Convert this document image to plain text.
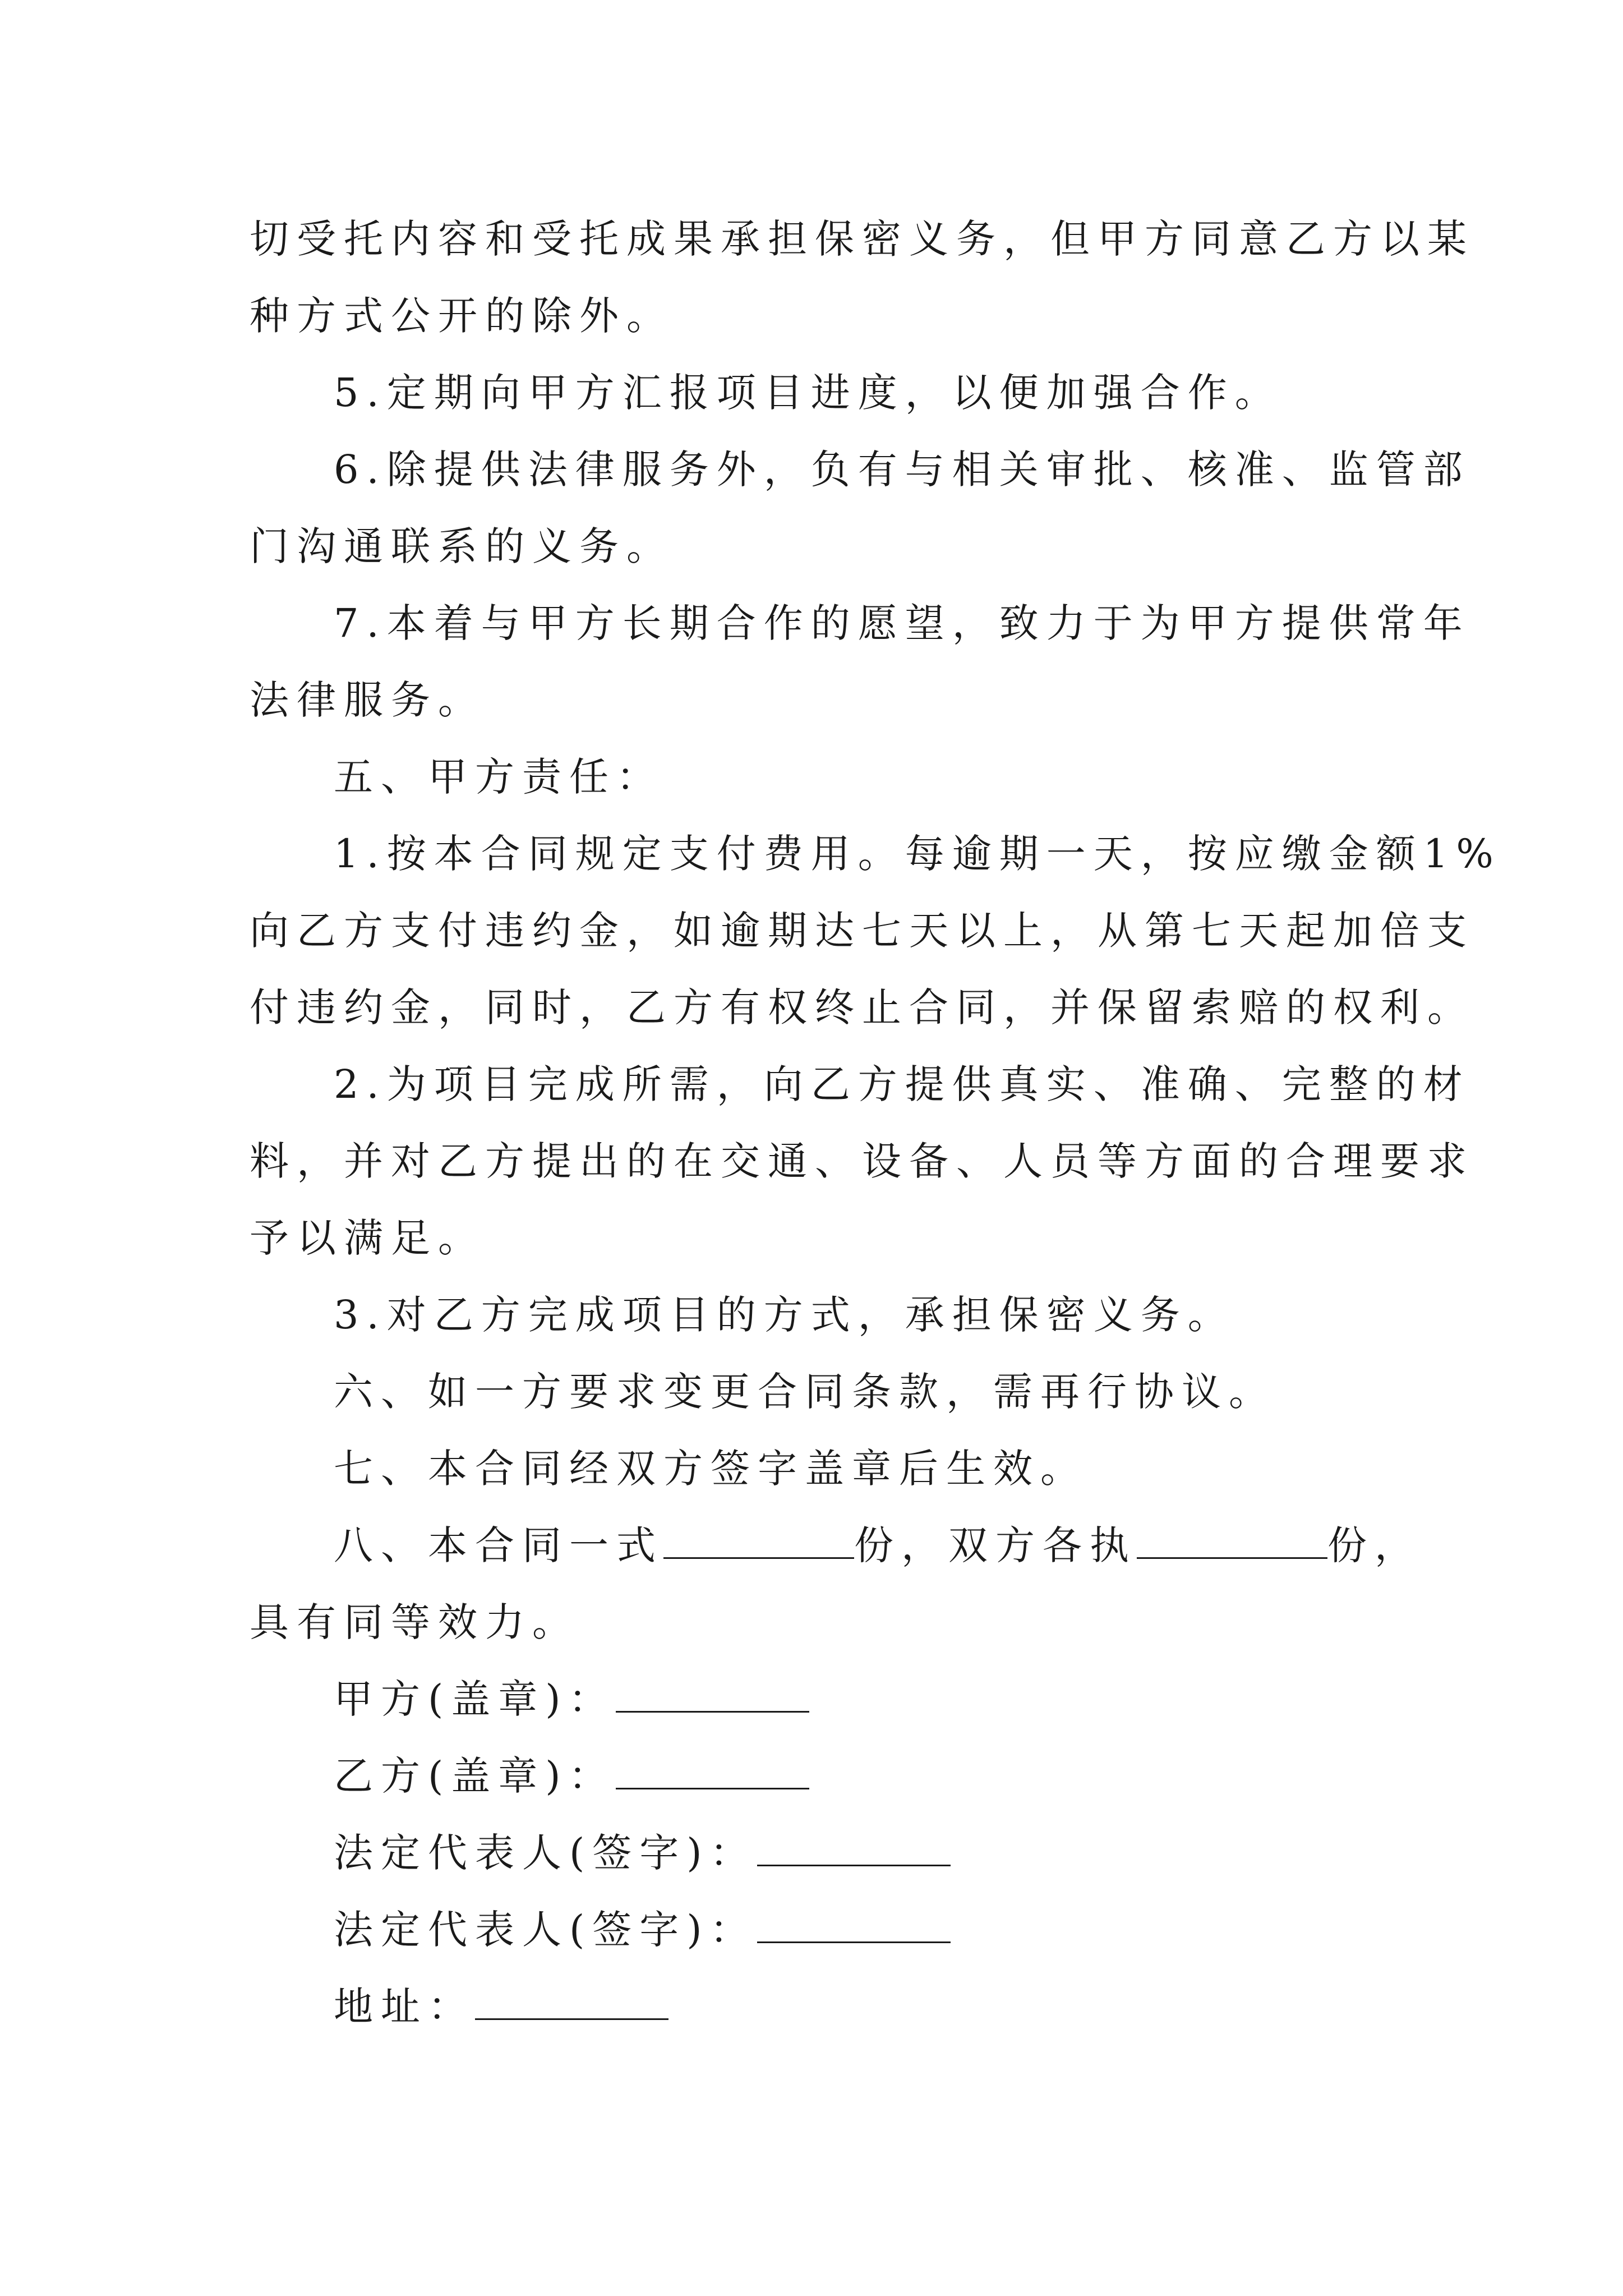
切受托内容和受托成果承担保密义务，但甲方同意乙方以某
种方式公开的除外。
5.定期向甲方汇报项目进度，以便加强合作。
6.除提供法律服务外，负有与相关审批、核准、监管部
门沟通联系的义务。
7.本着与甲方长期合作的愿望，致力于为甲方提供常年
法律服务。
五、甲方责任：
1.按本合同规定支付费用。每逾期一天，按应缴金额1%
向乙方支付违约金，如逾期达七天以上，从第七天起加倍支
付违约金，同时，乙方有权终止合同，并保留索赔的权利。
2.为项目完成所需，向乙方提供真实、准确、完整的材
料，并对乙方提出的在交通、设备、人员等方面的合理要求
予以满足。
3.对乙方完成项目的方式，承担保密义务。
六、如一方要求变更合同条款，需再行协议。
七、本合同经双方签字盖章后生效。
八、本合同一式	份，双方各执	份，
具有同等效力。
甲方(盖章)：
乙方(盖章)：
法定代表人(签字)：
法定代表人(签字)：
地址：
